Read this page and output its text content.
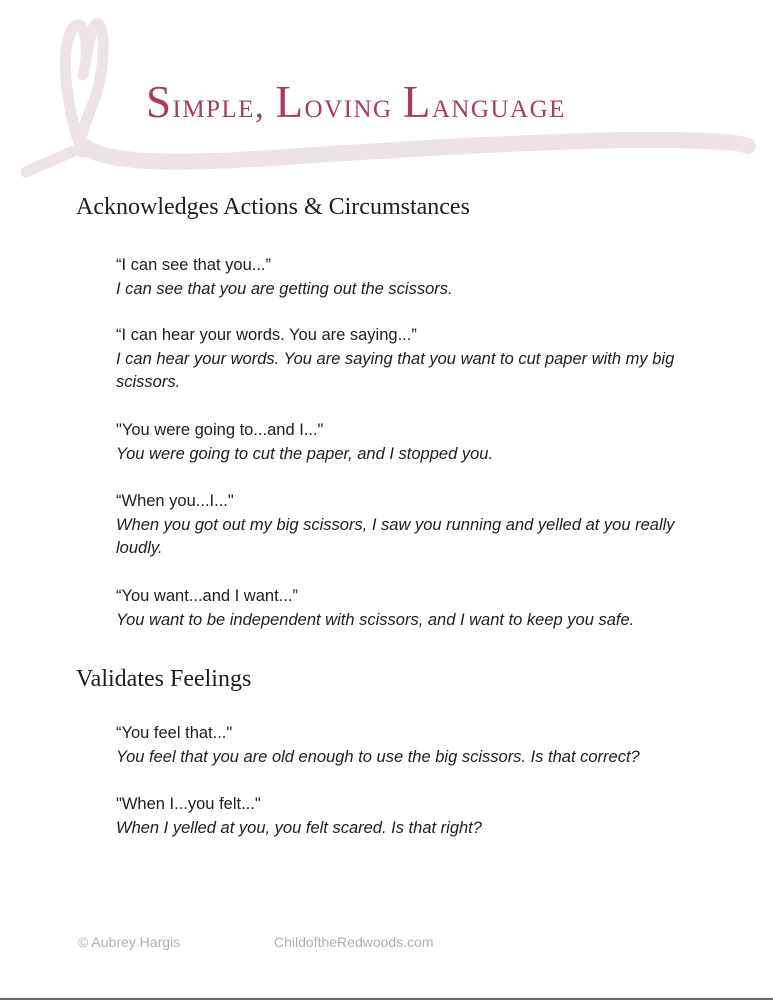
Simple, Loving Language
Acknowledges Actions & Circumstances
“I can see that you...”
I can see that you are getting out the scissors.
“I can hear your words. You are saying...”
I can hear your words. You are saying that you want to cut paper with my big scissors.
"You were going to...and I..."
You were going to cut the paper, and I stopped you.
“When you...I..."
When you got out my big scissors, I saw you running and yelled at you really loudly.
“You want...and I want...”
You want to be independent with scissors, and I want to keep you safe.
Validates Feelings
“You feel that..."
You feel that you are old enough to use the big scissors. Is that correct?
"When I...you felt..."
When I yelled at you, you felt scared. Is that right?
© Aubrey Hargis	ChildoftheRedwoods.com
